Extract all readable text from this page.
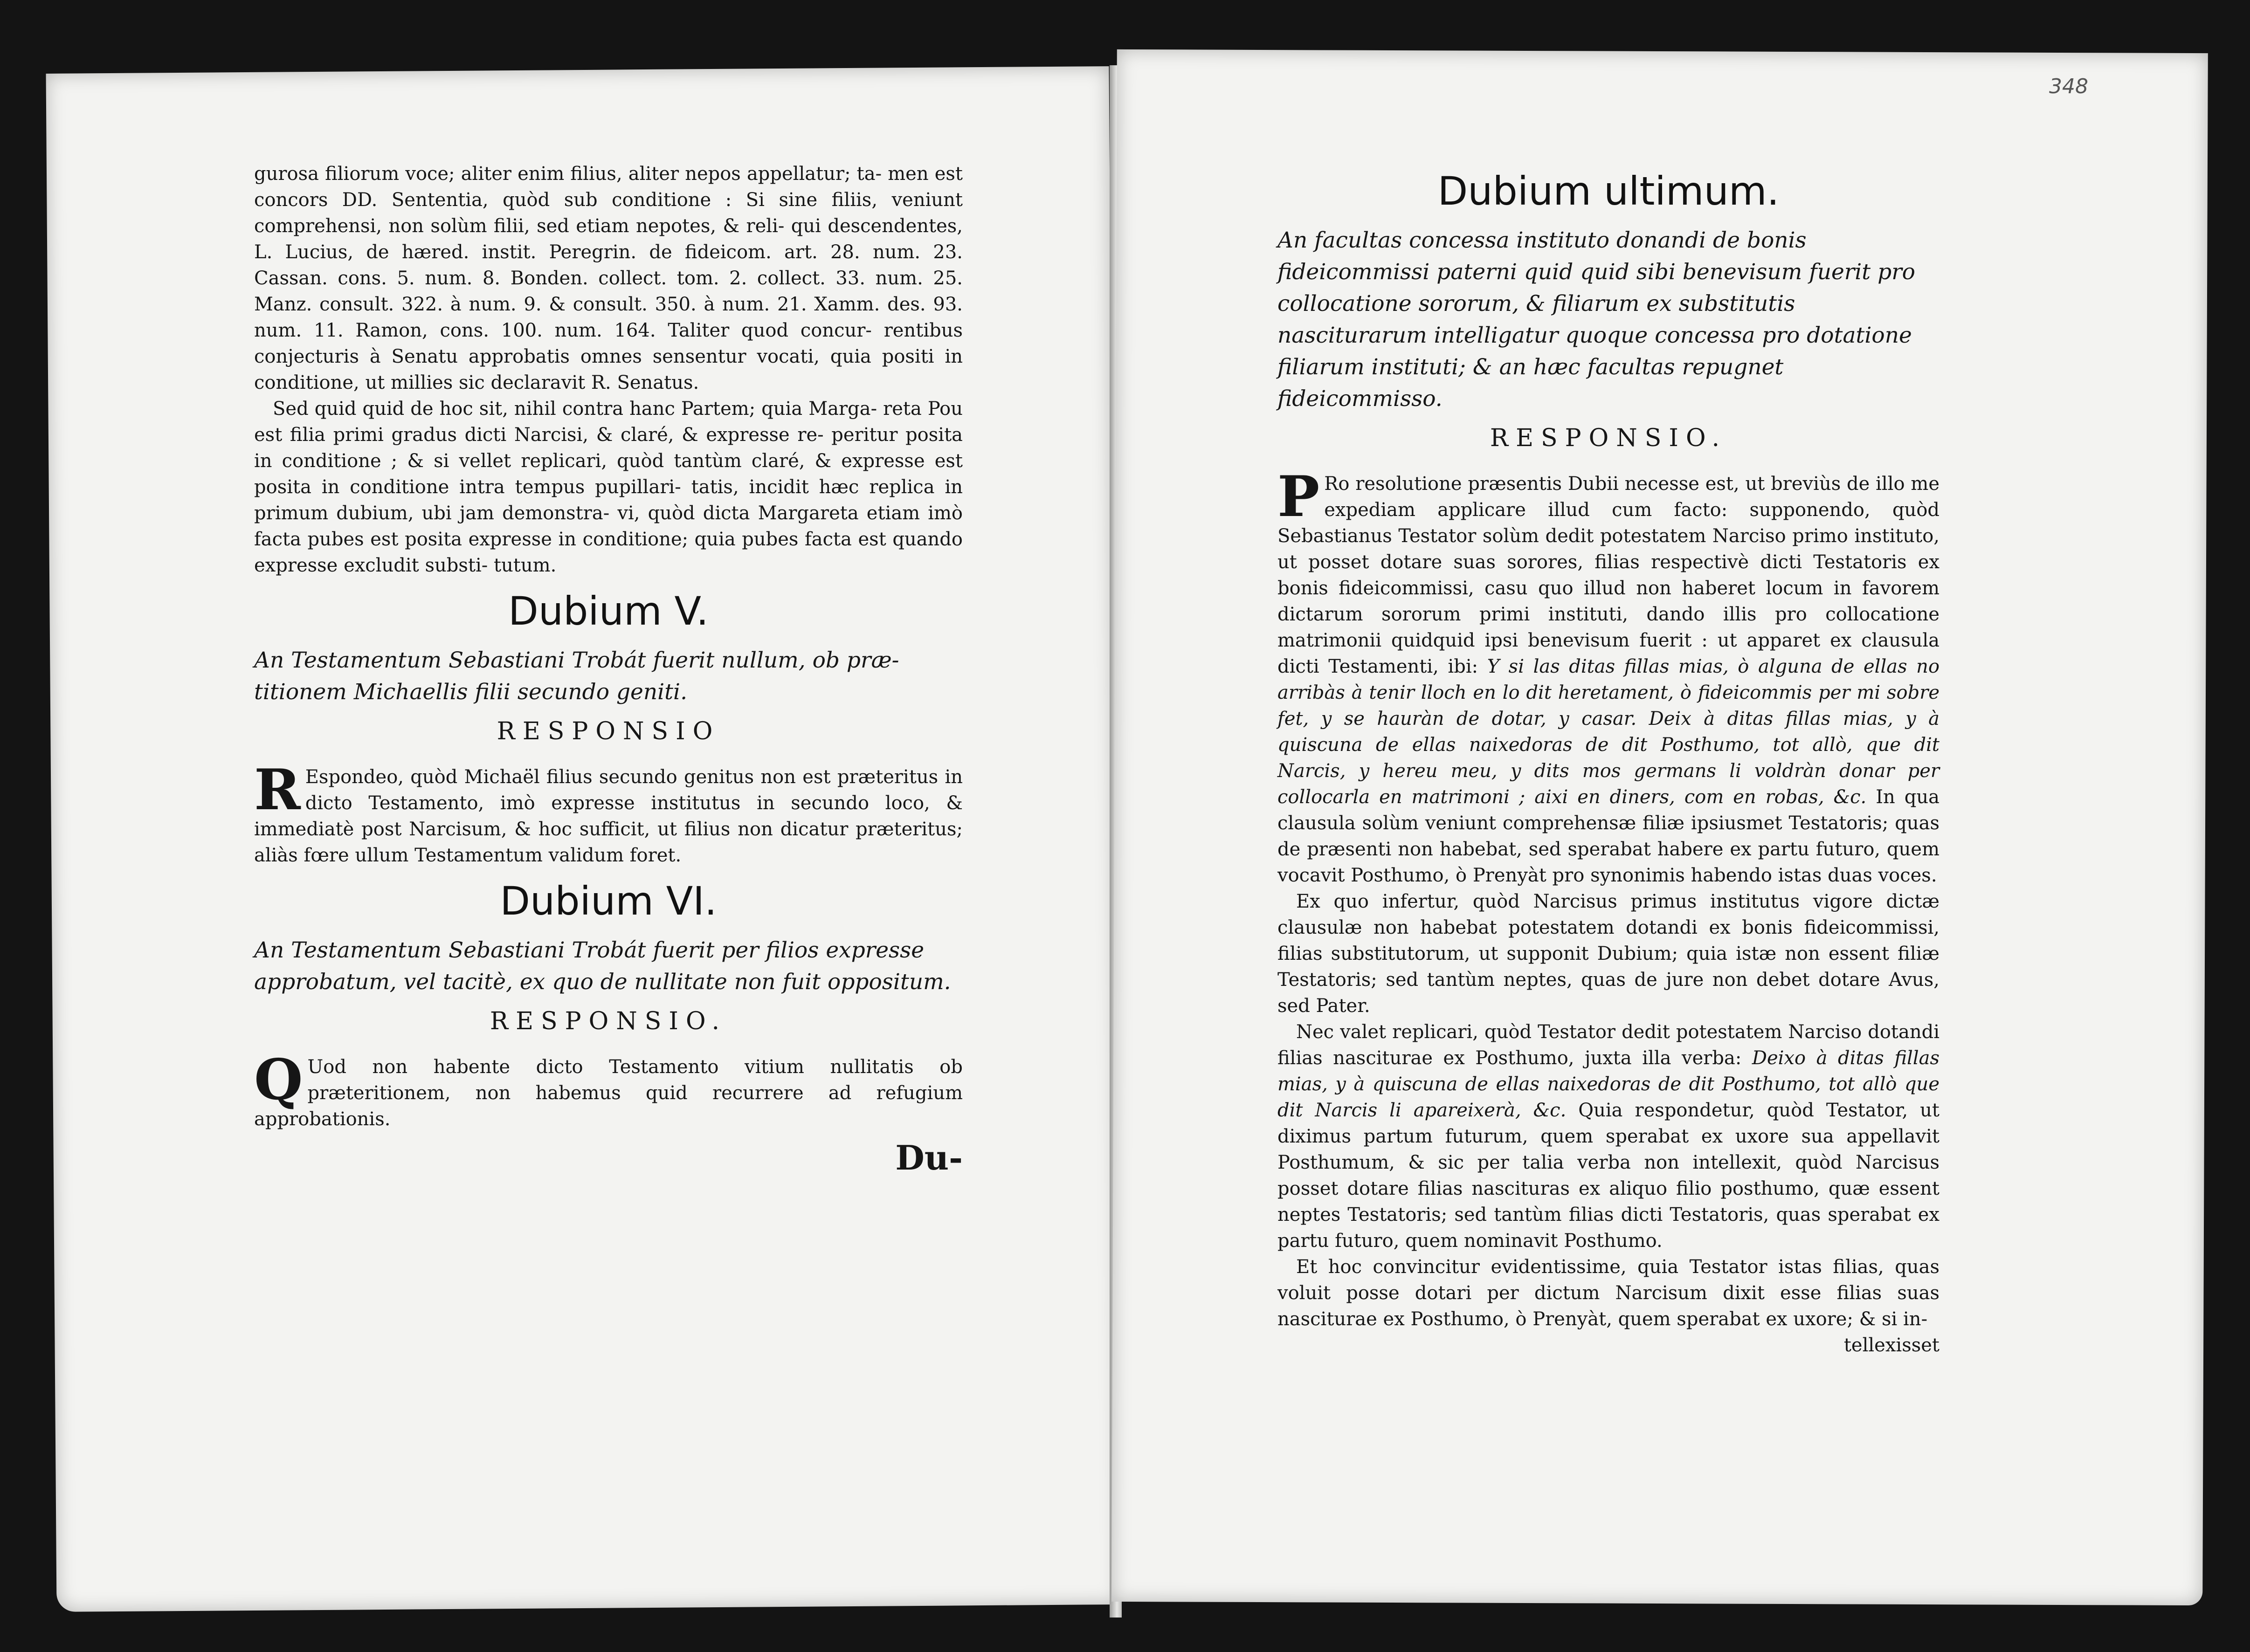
348

gurosa filiorum voce; aliter enim filius, aliter nepos appellatur; ta- men est concors DD. Sententia, quòd sub conditione : Si sine filiis, veniunt comprehensi, non solùm filii, sed etiam nepotes, & reli- qui descendentes, L. Lucius, de hæred. instit. Peregrin. de fideicom. art. 28. num. 23. Cassan. cons. 5. num. 8. Bonden. collect. tom. 2. collect. 33. num. 25. Manz. consult. 322. à num. 9. & consult. 350. à num. 21. Xamm. des. 93. num. 11. Ramon, cons. 100. num. 164. Taliter quod concur- rentibus conjecturis à Senatu approbatis omnes sensentur vocati, quia positi in conditione, ut millies sic declaravit R. Senatus.

Sed quid quid de hoc sit, nihil contra hanc Partem; quia Marga- reta Pou est filia primi gradus dicti Narcisi, & claré, & expresse re- peritur posita in conditione ; & si vellet replicari, quòd tantùm claré, & expresse est posita in conditione intra tempus pupillari- tatis, incidit hæc replica in primum dubium, ubi jam demonstra- vi, quòd dicta Margareta etiam imò facta pubes est posita expresse in conditione; quia pubes facta est quando expresse excludit substi- tutum.

Dubium V.

An Testamentum Sebastiani Trobát fuerit nullum, ob præ-titionem Michaellis filii secundo geniti.

RESPONSIO

R Espondeo, quòd Michaël filius secundo genitus non est præteritus in dicto Testamento, imò expresse institutus in secundo loco, & immediatè post Narcisum, & hoc sufficit, ut filius non dicatur præteritus; aliàs fœre ullum Testamentum validum foret.

Dubium VI.

An Testamentum Sebastiani Trobát fuerit per filios expresse approbatum, vel tacitè, ex quo de nullitate non fuit oppositum.

RESPONSIO.

Q Uod non habente dicto Testamento vitium nullitatis ob præteritionem, non habemus quid recurrere ad refugium approbationis.

Du-
Dubium ultimum.

An facultas concessa instituto donandi de bonis fideicommissi paterni quid quid sibi benevisum fuerit pro collocatione sororum, & filiarum ex substitutis nasciturarum intelligatur quoque concessa pro dotatione filiarum instituti; & an hæc facultas repugnet fideicommisso.

RESPONSIO.

P Ro resolutione præsentis Dubii necesse est, ut breviùs de illo me expediam applicare illud cum facto: supponendo, quòd Sebastianus Testator solùm dedit potestatem Narciso primo instituto, ut posset dotare suas sorores, filias respectivè dicti Testatoris ex bonis fideicommissi, casu quo illud non haberet locum in favorem dictarum sororum primi instituti, dando illis pro collocatione matrimonii quidquid ipsi benevisum fuerit : ut apparet ex clausula dicti Testamenti, ibi: Y si las ditas fillas mias, ò alguna de ellas no arribàs à tenir lloch en lo dit heretament, ò fideicommis per mi sobre fet, y se hauràn de dotar, y casar. Deix à ditas fillas mias, y à quiscuna de ellas naixedoras de dit Posthumo, tot allò, que dit Narcis, y hereu meu, y dits mos germans li voldràn donar per collocarla en matrimoni ; aixi en diners, com en robas, &c. In qua clausula solùm veniunt comprehensæ filiæ ipsiusmet Testatoris; quas de præsenti non habebat, sed sperabat habere ex partu futuro, quem vocavit Posthumo, ò Prenyàt pro synonimis habendo istas duas voces.

Ex quo infertur, quòd Narcisus primus institutus vigore dictæ clausulæ non habebat potestatem dotandi ex bonis fideicommissi, filias substitutorum, ut supponit Dubium; quia istæ non essent filiæ Testatoris; sed tantùm neptes, quas de jure non debet dotare Avus, sed Pater.

Nec valet replicari, quòd Testator dedit potestatem Narciso dotandi filias nasciturae ex Posthumo, juxta illa verba: Deixo à ditas fillas mias, y à quiscuna de ellas naixedoras de dit Posthumo, tot allò que dit Narcis li apareixerà, &c. Quia respondetur, quòd Testator, ut diximus partum futurum, quem sperabat ex uxore sua appellavit Posthumum, & sic per talia verba non intellexit, quòd Narcisus posset dotare filias nascituras ex aliquo filio posthumo, quæ essent neptes Testatoris; sed tantùm filias dicti Testatoris, quas sperabat ex partu futuro, quem nominavit Posthumo.

Et hoc convincitur evidentissime, quia Testator istas filias, quas voluit posse dotari per dictum Narcisum dixit esse filias suas nasciturae ex Posthumo, ò Prenyàt, quem sperabat ex uxore; & si in-

tellexisset
